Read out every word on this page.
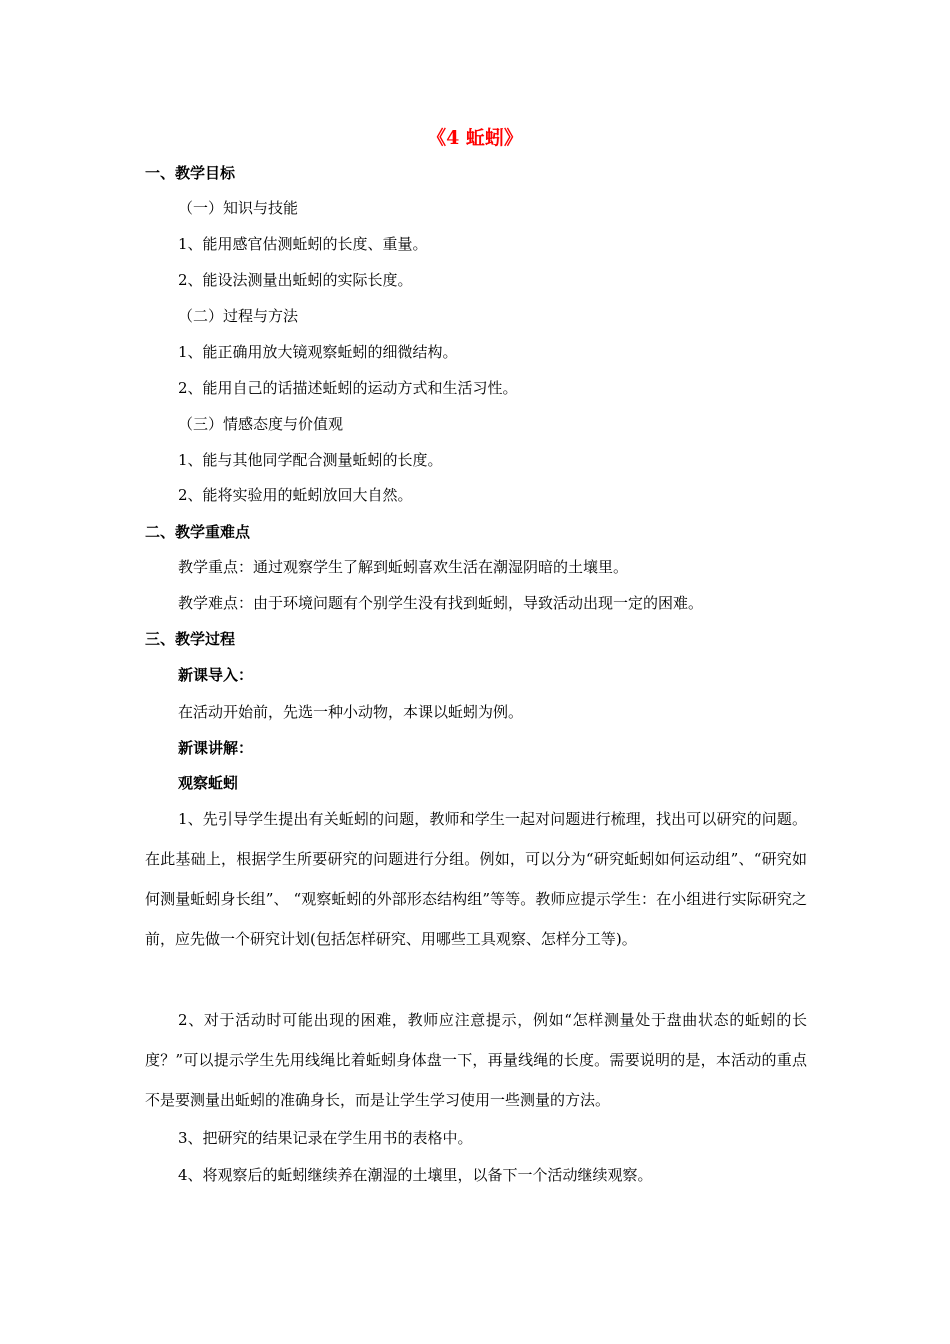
《4 蚯蚓》
一、教学目标
（一）知识与技能
1、能用感官估测蚯蚓的长度、重量。
2、能设法测量出蚯蚓的实际长度。
（二）过程与方法
1、能正确用放大镜观察蚯蚓的细微结构。
2、能用自己的话描述蚯蚓的运动方式和生活习性。
（三）情感态度与价值观
1、能与其他同学配合测量蚯蚓的长度。
2、能将实验用的蚯蚓放回大自然。
二、教学重难点
教学重点：通过观察学生了解到蚯蚓喜欢生活在潮湿阴暗的土壤里。
教学难点：由于环境问题有个别学生没有找到蚯蚓，导致活动出现一定的困难。
三、教学过程
新课导入：
在活动开始前，先选一种小动物，本课以蚯蚓为例。
新课讲解：
观察蚯蚓
1、先引导学生提出有关蚯蚓的问题，教师和学生一起对问题进行梳理，找出可以研究的问题。在此基础上，根据学生所要研究的问题进行分组。例如，可以分为“研究蚯蚓如何运动组”、“研究如何测量蚯蚓身长组”、 “观察蚯蚓的外部形态结构组”等等。教师应提示学生：在小组进行实际研究之前，应先做一个研究计划(包括怎样研究、用哪些工具观察、怎样分工等)。
2、对于活动时可能出现的困难，教师应注意提示，例如“怎样测量处于盘曲状态的蚯蚓的长度？”可以提示学生先用线绳比着蚯蚓身体盘一下，再量线绳的长度。需要说明的是，本活动的重点不是要测量出蚯蚓的准确身长，而是让学生学习使用一些测量的方法。
3、把研究的结果记录在学生用书的表格中。
4、将观察后的蚯蚓继续养在潮湿的土壤里，以备下一个活动继续观察。
